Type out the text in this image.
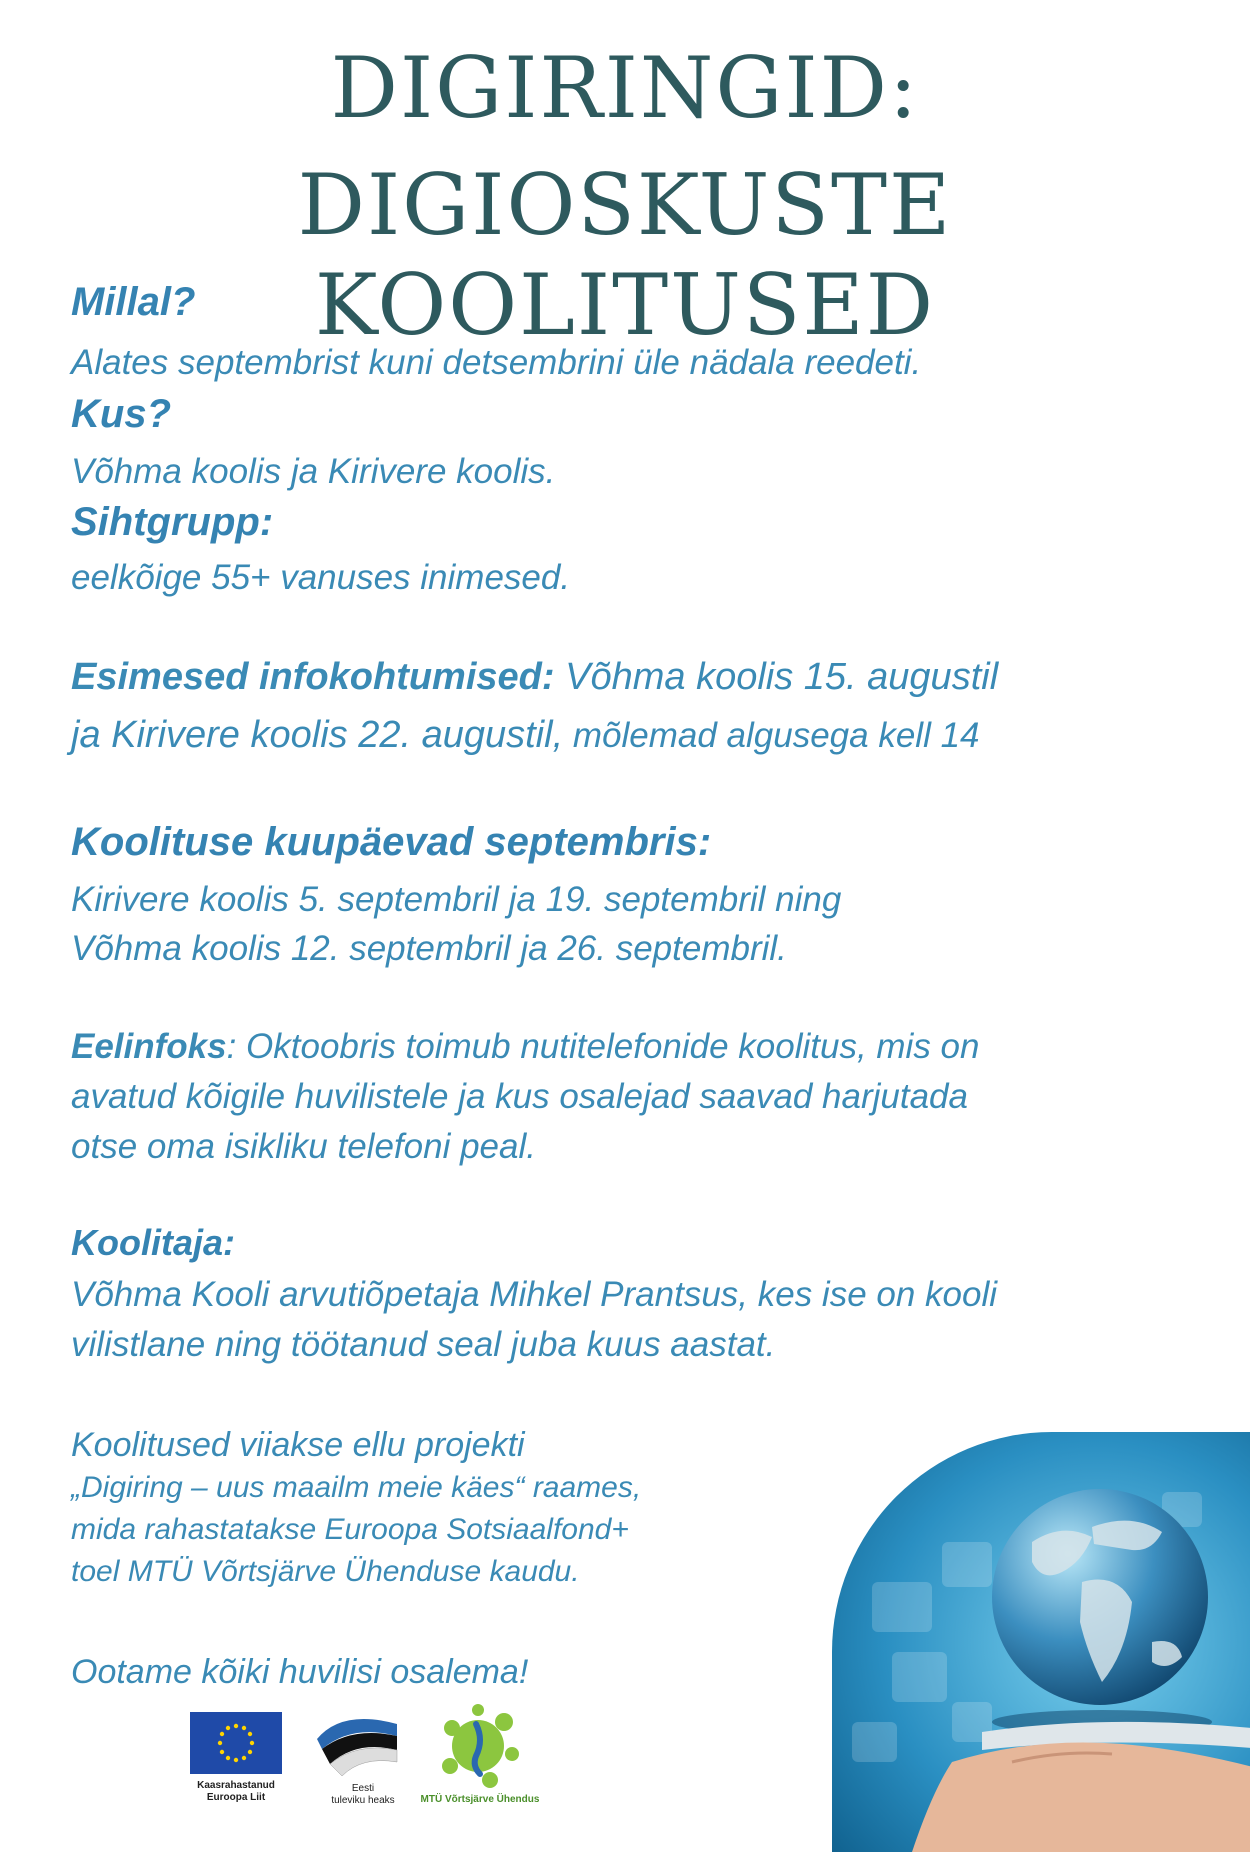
DIGIRINGID:
DIGIOSKUSTE KOOLITUSED

Millal?

Alates septembrist kuni detsembrini üle nädala reedeti.

Kus?

Võhma koolis ja Kirivere koolis.

Sihtgrupp:

eelkõige 55+ vanuses inimesed.

Esimesed infokohtumised: Võhma koolis 15. augustil

ja Kirivere koolis 22. augustil, mõlemad algusega kell 14

Koolituse kuupäevad septembris:

Kirivere koolis 5. septembril ja 19. septembril ning

Võhma koolis 12. septembril ja 26. septembril.

Eelinfoks: Oktoobris toimub nutitelefonide koolitus, mis on

avatud kõigile huvilistele ja kus osalejad saavad harjutada

otse oma isikliku telefoni peal.

Koolitaja:

Võhma Kooli arvutiõpetaja Mihkel Prantsus, kes ise on kooli

vilistlane ning töötanud seal juba kuus aastat.

Koolitused viiakse ellu projekti

„Digiring – uus maailm meie käes“ raames,

mida rahastatakse Euroopa Sotsiaalfond+

toel MTÜ Võrtsjärve Ühenduse kaudu.

Ootame kõiki huvilisi osalema!

Kaasrahastanud
Euroopa Liit
Eesti
tuleviku heaks	MTÜ Võrtsjärve Ühendus
